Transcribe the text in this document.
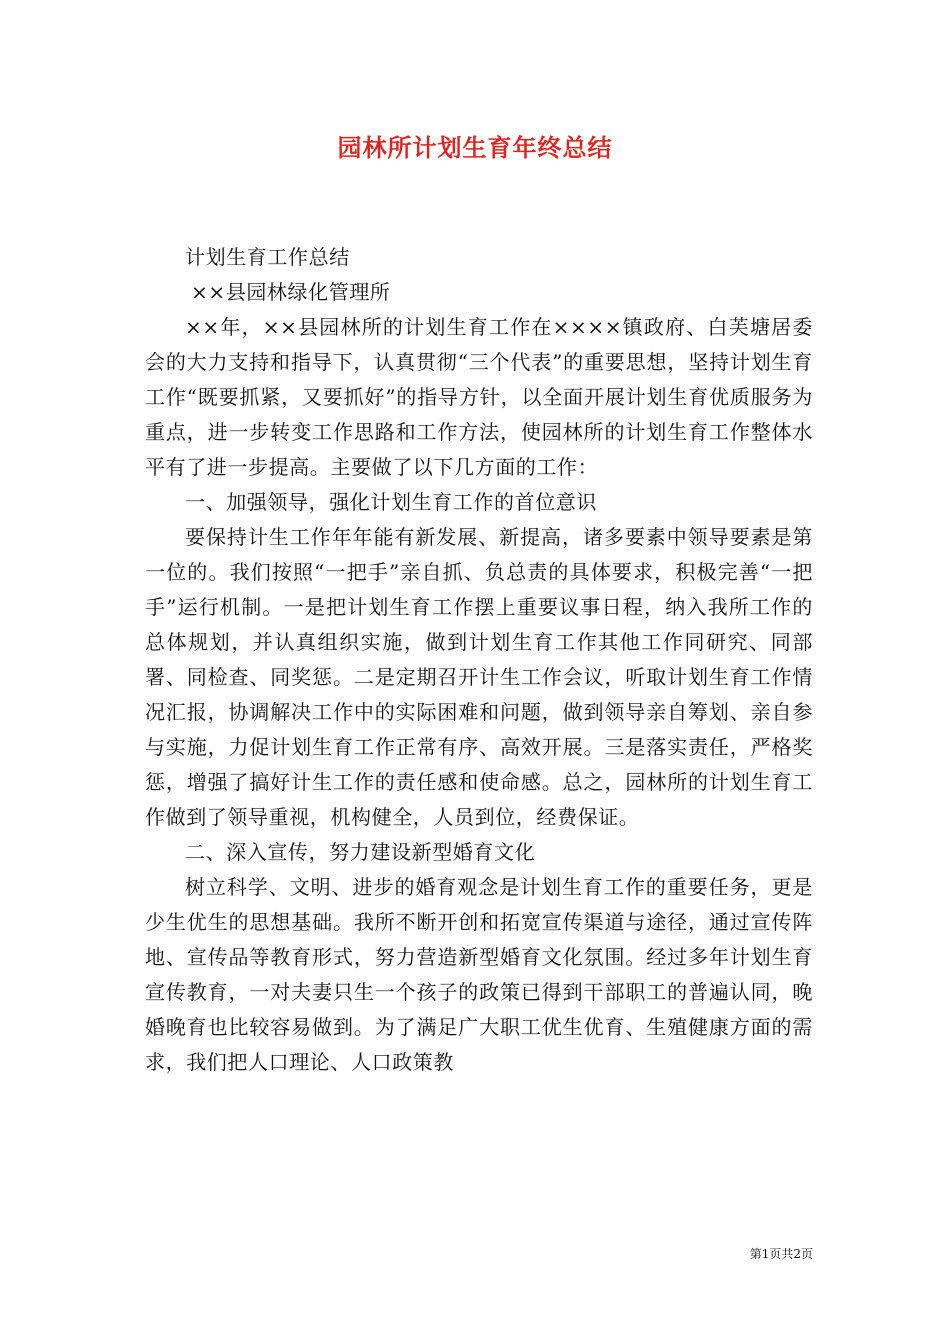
园林所计划生育年终总结

计划生育工作总结

××县园林绿化管理所

××年，××县园林所的计划生育工作在××××镇政府、白芙塘居委会的大力支持和指导下，认真贯彻“三个代表”的重要思想，坚持计划生育工作“既要抓紧，又要抓好”的指导方针，以全面开展计划生育优质服务为重点，进一步转变工作思路和工作方法，使园林所的计划生育工作整体水平有了进一步提高。主要做了以下几方面的工作：

一、加强领导，强化计划生育工作的首位意识

要保持计生工作年年能有新发展、新提高，诸多要素中领导要素是第一位的。我们按照“一把手”亲自抓、负总责的具体要求，积极完善“一把手”运行机制。一是把计划生育工作摆上重要议事日程，纳入我所工作的总体规划，并认真组织实施，做到计划生育工作其他工作同研究、同部署、同检查、同奖惩。二是定期召开计生工作会议，听取计划生育工作情况汇报，协调解决工作中的实际困难和问题，做到领导亲自筹划、亲自参与实施，力促计划生育工作正常有序、高效开展。三是落实责任，严格奖惩，增强了搞好计生工作的责任感和使命感。总之，园林所的计划生育工作做到了领导重视，机构健全，人员到位，经费保证。

二、深入宣传，努力建设新型婚育文化

树立科学、文明、进步的婚育观念是计划生育工作的重要任务，更是少生优生的思想基础。我所不断开创和拓宽宣传渠道与途径，通过宣传阵地、宣传品等教育形式，努力营造新型婚育文化氛围。经过多年计划生育宣传教育，一对夫妻只生一个孩子的政策已得到干部职工的普遍认同，晚婚晚育也比较容易做到。为了满足广大职工优生优育、生殖健康方面的需求，我们把人口理论、人口政策教

第1页共2页
